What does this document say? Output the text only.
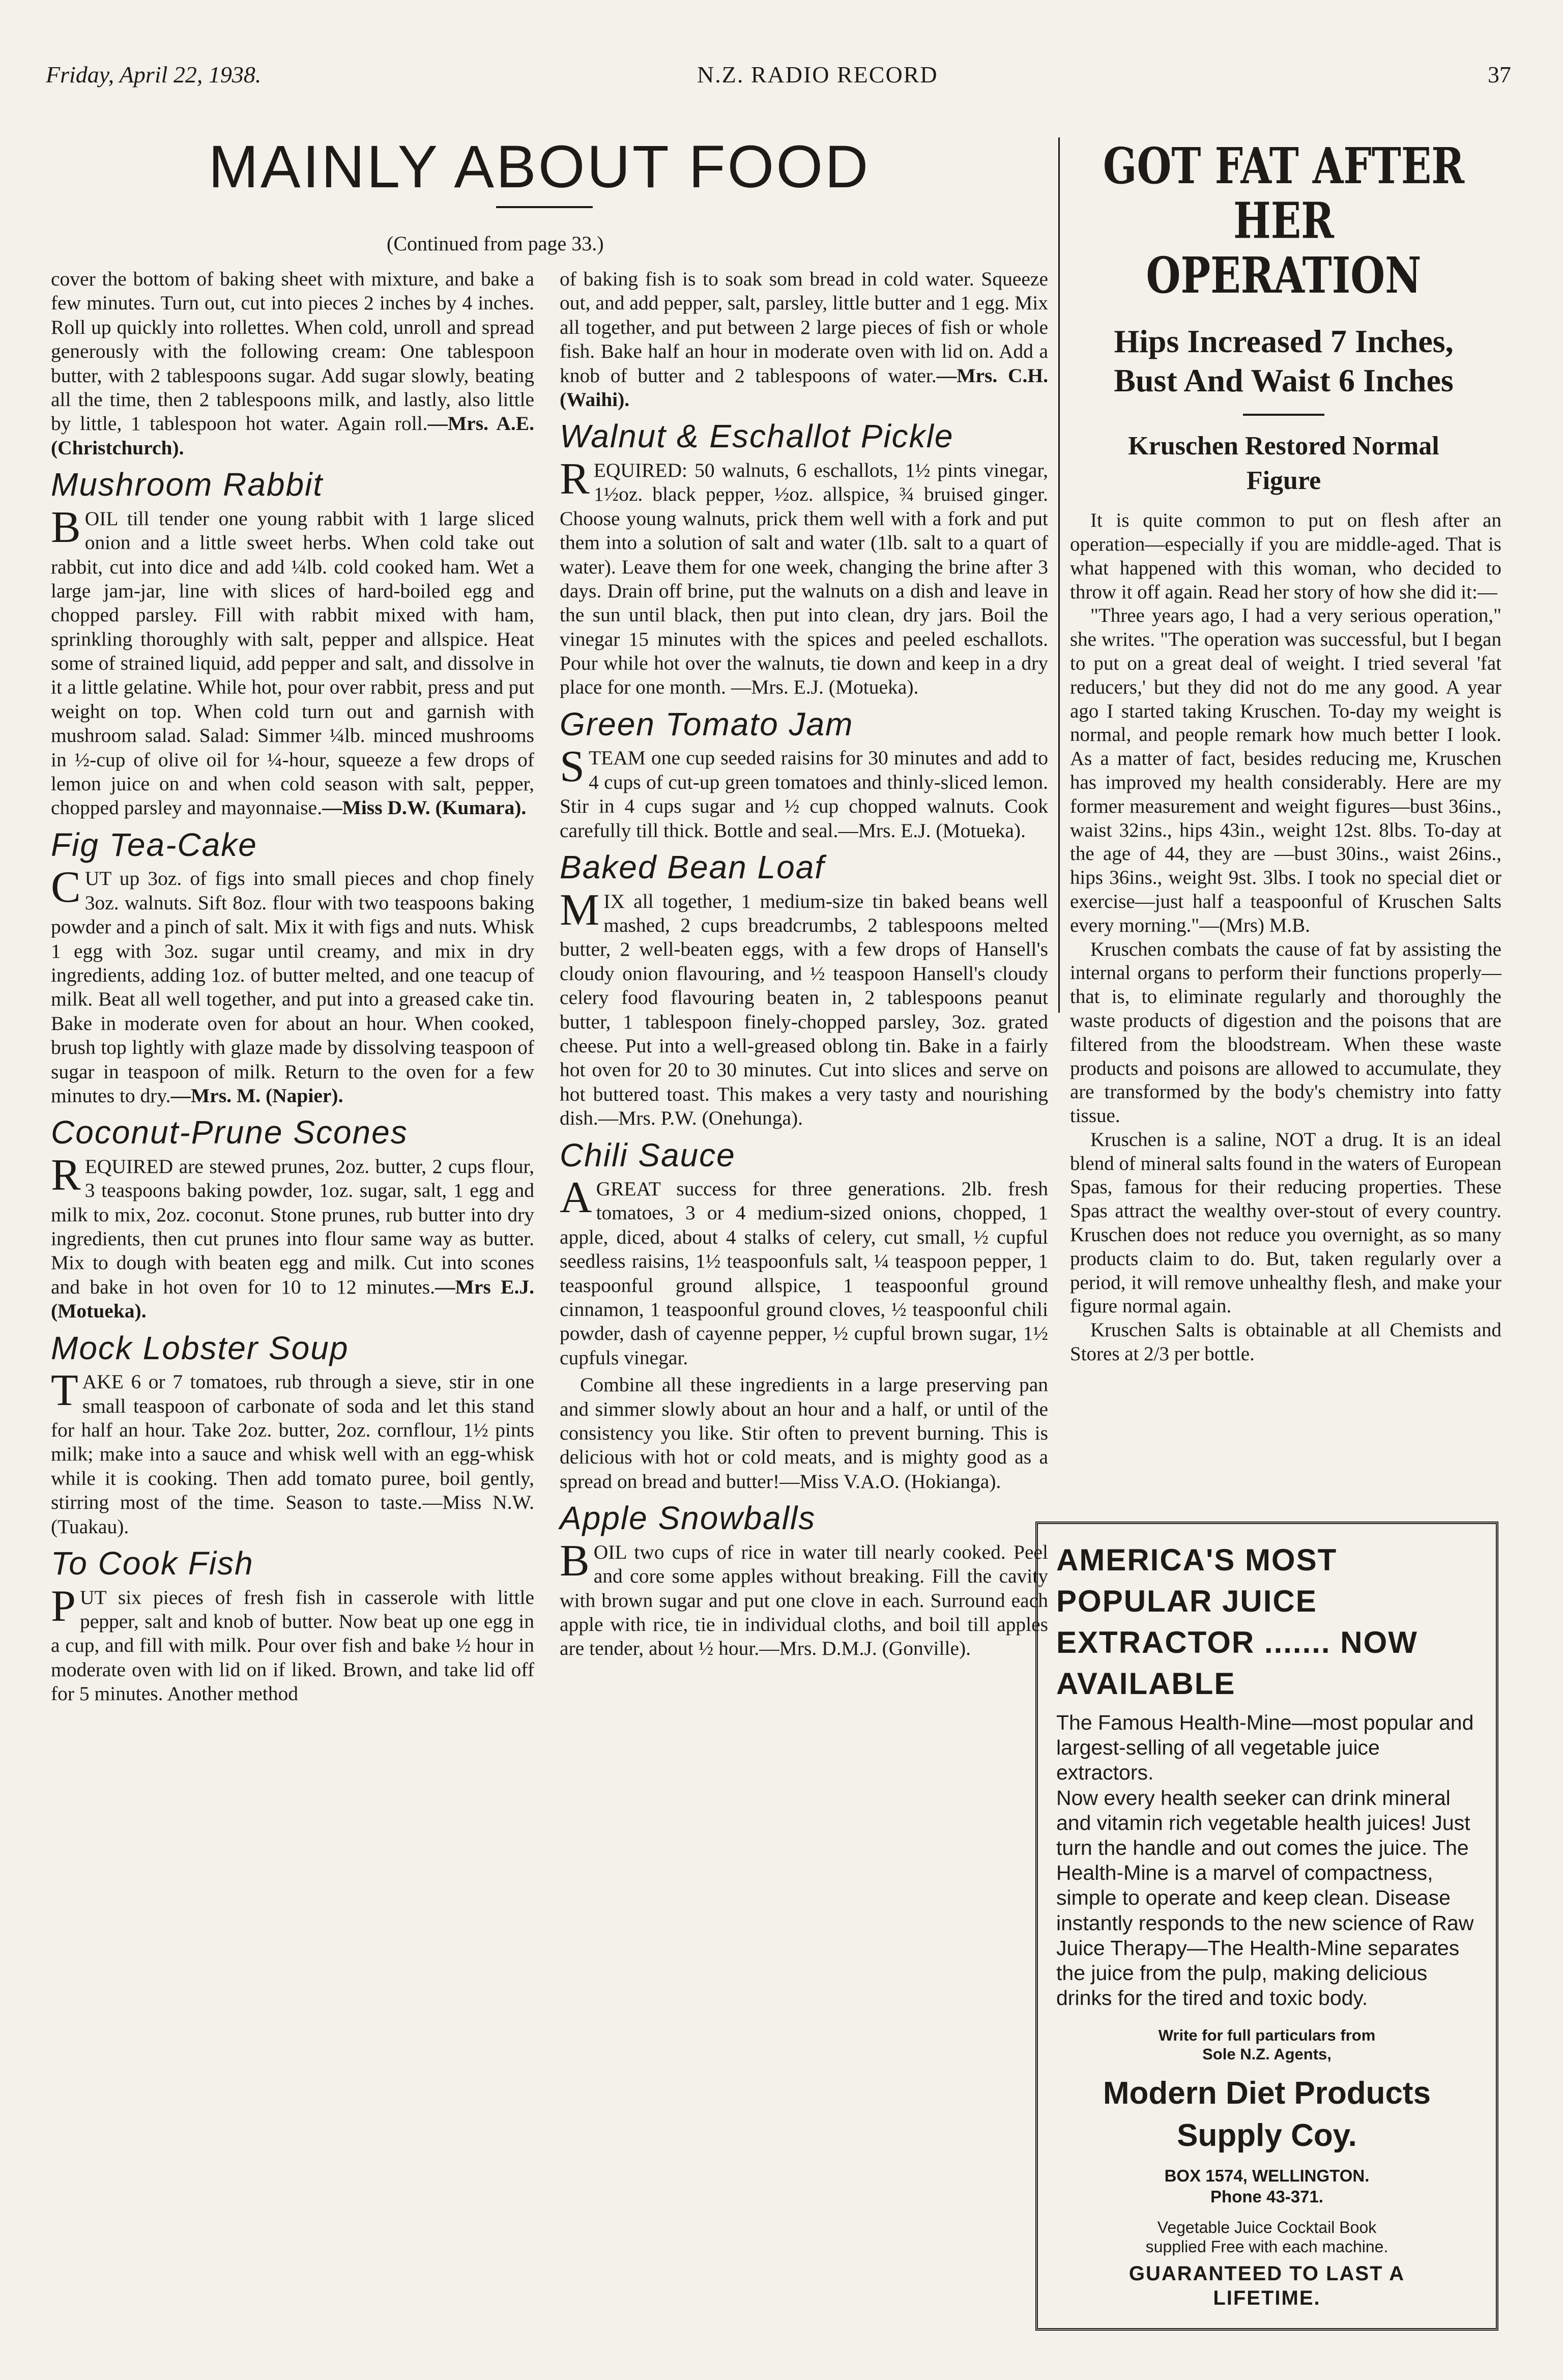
Friday, April 22, 1938.	N.Z. RADIO RECORD	37
MAINLY ABOUT FOOD
(Continued from page 33.)

cover the bottom of baking sheet with mixture, and bake a few minutes. Turn out, cut into pieces 2 inches by 4 inches. Roll up quickly into rollettes. When cold, unroll and spread generously with the following cream: One tablespoon butter, with 2 tablespoons sugar. Add sugar slowly, beating all the time, then 2 tablespoons milk, and lastly, also little by little, 1 tablespoon hot water. Again roll.—Mrs. A.E. (Christchurch).

Mushroom Rabbit

BOIL till tender one young rabbit with 1 large sliced onion and a little sweet herbs. When cold take out rabbit, cut into dice and add ¼lb. cold cooked ham. Wet a large jam-jar, line with slices of hard-boiled egg and chopped parsley. Fill with rabbit mixed with ham, sprinkling thoroughly with salt, pepper and allspice. Heat some of strained liquid, add pepper and salt, and dissolve in it a little gelatine. While hot, pour over rabbit, press and put weight on top. When cold turn out and garnish with mushroom salad. Salad: Simmer ¼lb. minced mushrooms in ½-cup of olive oil for ¼-hour, squeeze a few drops of lemon juice on and when cold season with salt, pepper, chopped parsley and mayonnaise.—Miss D.W. (Kumara).

Fig Tea-Cake

CUT up 3oz. of figs into small pieces and chop finely 3oz. walnuts. Sift 8oz. flour with two teaspoons baking powder and a pinch of salt. Mix it with figs and nuts. Whisk 1 egg with 3oz. sugar until creamy, and mix in dry ingredients, adding 1oz. of butter melted, and one teacup of milk. Beat all well together, and put into a greased cake tin. Bake in moderate oven for about an hour. When cooked, brush top lightly with glaze made by dissolving teaspoon of sugar in teaspoon of milk. Return to the oven for a few minutes to dry.—Mrs. M. (Napier).

Coconut-Prune Scones

REQUIRED are stewed prunes, 2oz. butter, 2 cups flour, 3 teaspoons baking powder, 1oz. sugar, salt, 1 egg and milk to mix, 2oz. coconut. Stone prunes, rub butter into dry ingredients, then cut prunes into flour same way as butter. Mix to dough with beaten egg and milk. Cut into scones and bake in hot oven for 10 to 12 minutes.—Mrs E.J. (Motueka).

Mock Lobster Soup

TAKE 6 or 7 tomatoes, rub through a sieve, stir in one small teaspoon of carbonate of soda and let this stand for half an hour. Take 2oz. butter, 2oz. cornflour, 1½ pints milk; make into a sauce and whisk well with an egg-whisk while it is cooking. Then add tomato puree, boil gently, stirring most of the time. Season to taste.—Miss N.W. (Tuakau).

To Cook Fish

PUT six pieces of fresh fish in casserole with little pepper, salt and knob of butter. Now beat up one egg in a cup, and fill with milk. Pour over fish and bake ½ hour in moderate oven with lid on if liked. Brown, and take lid off for 5 minutes. Another method

of baking fish is to soak som bread in cold water. Squeeze out, and add pepper, salt, parsley, little butter and 1 egg. Mix all together, and put between 2 large pieces of fish or whole fish. Bake half an hour in moderate oven with lid on. Add a knob of butter and 2 tablespoons of water.—Mrs. C.H. (Waihi).

Walnut & Eschallot Pickle

REQUIRED: 50 walnuts, 6 eschallots, 1½ pints vinegar, 1½oz. black pepper, ½oz. allspice, ¾ bruised ginger. Choose young walnuts, prick them well with a fork and put them into a solution of salt and water (1lb. salt to a quart of water). Leave them for one week, changing the brine after 3 days. Drain off brine, put the walnuts on a dish and leave in the sun until black, then put into clean, dry jars. Boil the vinegar 15 minutes with the spices and peeled eschallots. Pour while hot over the walnuts, tie down and keep in a dry place for one month. —Mrs. E.J. (Motueka).

Green Tomato Jam

STEAM one cup seeded raisins for 30 minutes and add to 4 cups of cut-up green tomatoes and thinly-sliced lemon. Stir in 4 cups sugar and ½ cup chopped walnuts. Cook carefully till thick. Bottle and seal.—Mrs. E.J. (Motueka).

Baked Bean Loaf

MIX all together, 1 medium-size tin baked beans well mashed, 2 cups breadcrumbs, 2 tablespoons melted butter, 2 well-beaten eggs, with a few drops of Hansell's cloudy onion flavouring, and ½ teaspoon Hansell's cloudy celery food flavouring beaten in, 2 tablespoons peanut butter, 1 tablespoon finely-chopped parsley, 3oz. grated cheese. Put into a well-greased oblong tin. Bake in a fairly hot oven for 20 to 30 minutes. Cut into slices and serve on hot buttered toast. This makes a very tasty and nourishing dish.—Mrs. P.W. (Onehunga).

Chili Sauce

AGREAT success for three generations. 2lb. fresh tomatoes, 3 or 4 medium-sized onions, chopped, 1 apple, diced, about 4 stalks of celery, cut small, ½ cupful seedless raisins, 1½ teaspoonfuls salt, ¼ teaspoon pepper, 1 teaspoonful ground allspice, 1 teaspoonful ground cinnamon, 1 teaspoonful ground cloves, ½ teaspoonful chili powder, dash of cayenne pepper, ½ cupful brown sugar, 1½ cupfuls vinegar.

Combine all these ingredients in a large preserving pan and simmer slowly about an hour and a half, or until of the consistency you like. Stir often to prevent burning. This is delicious with hot or cold meats, and is mighty good as a spread on bread and butter!—Miss V.A.O. (Hokianga).

Apple Snowballs

BOIL two cups of rice in water till nearly cooked. Peel and core some apples without breaking. Fill the cavity with brown sugar and put one clove in each. Surround each apple with rice, tie in individual cloths, and boil till apples are tender, about ½ hour.—Mrs. D.M.J. (Gonville).

GOT FAT AFTER HER
OPERATION
Hips Increased 7 Inches,
Bust And Waist 6 Inches
Kruschen Restored Normal
Figure

It is quite common to put on flesh after an operation—especially if you are middle-aged. That is what happened with this woman, who decided to throw it off again. Read her story of how she did it:—

"Three years ago, I had a very serious operation," she writes. "The operation was successful, but I began to put on a great deal of weight. I tried several 'fat reducers,' but they did not do me any good. A year ago I started taking Kruschen. To-day my weight is normal, and people remark how much better I look. As a matter of fact, besides reducing me, Kruschen has improved my health considerably. Here are my former measurement and weight figures—bust 36ins., waist 32ins., hips 43in., weight 12st. 8lbs. To-day at the age of 44, they are —bust 30ins., waist 26ins., hips 36ins., weight 9st. 3lbs. I took no special diet or exercise—just half a teaspoonful of Kruschen Salts every morning."—(Mrs) M.B.

Kruschen combats the cause of fat by assisting the internal organs to perform their functions properly—that is, to eliminate regularly and thoroughly the waste products of digestion and the poisons that are filtered from the bloodstream. When these waste products and poisons are allowed to accumulate, they are transformed by the body's chemistry into fatty tissue.

Kruschen is a saline, NOT a drug. It is an ideal blend of mineral salts found in the waters of European Spas, famous for their reducing properties. These Spas attract the wealthy over-stout of every country. Kruschen does not reduce you overnight, as so many products claim to do. But, taken regularly over a period, it will remove unhealthy flesh, and make your figure normal again.

Kruschen Salts is obtainable at all Chemists and Stores at 2/3 per bottle.

AMERICA'S MOST
POPULAR JUICE
EXTRACTOR ....... NOW
AVAILABLE

The Famous Health-Mine—most popular and largest-selling of all vegetable juice extractors.

Now every health seeker can drink mineral and vitamin rich vegetable health juices! Just turn the handle and out comes the juice. The Health-Mine is a marvel of compactness, simple to operate and keep clean. Disease instantly responds to the new science of Raw Juice Therapy—The Health-Mine separates the juice from the pulp, making delicious drinks for the tired and toxic body.

Write for full particulars from
Sole N.Z. Agents,
Modern Diet Products
Supply Coy.
BOX 1574, WELLINGTON.
Phone 43-371.
Vegetable Juice Cocktail Book
supplied Free with each machine.
GUARANTEED TO LAST A
LIFETIME.
